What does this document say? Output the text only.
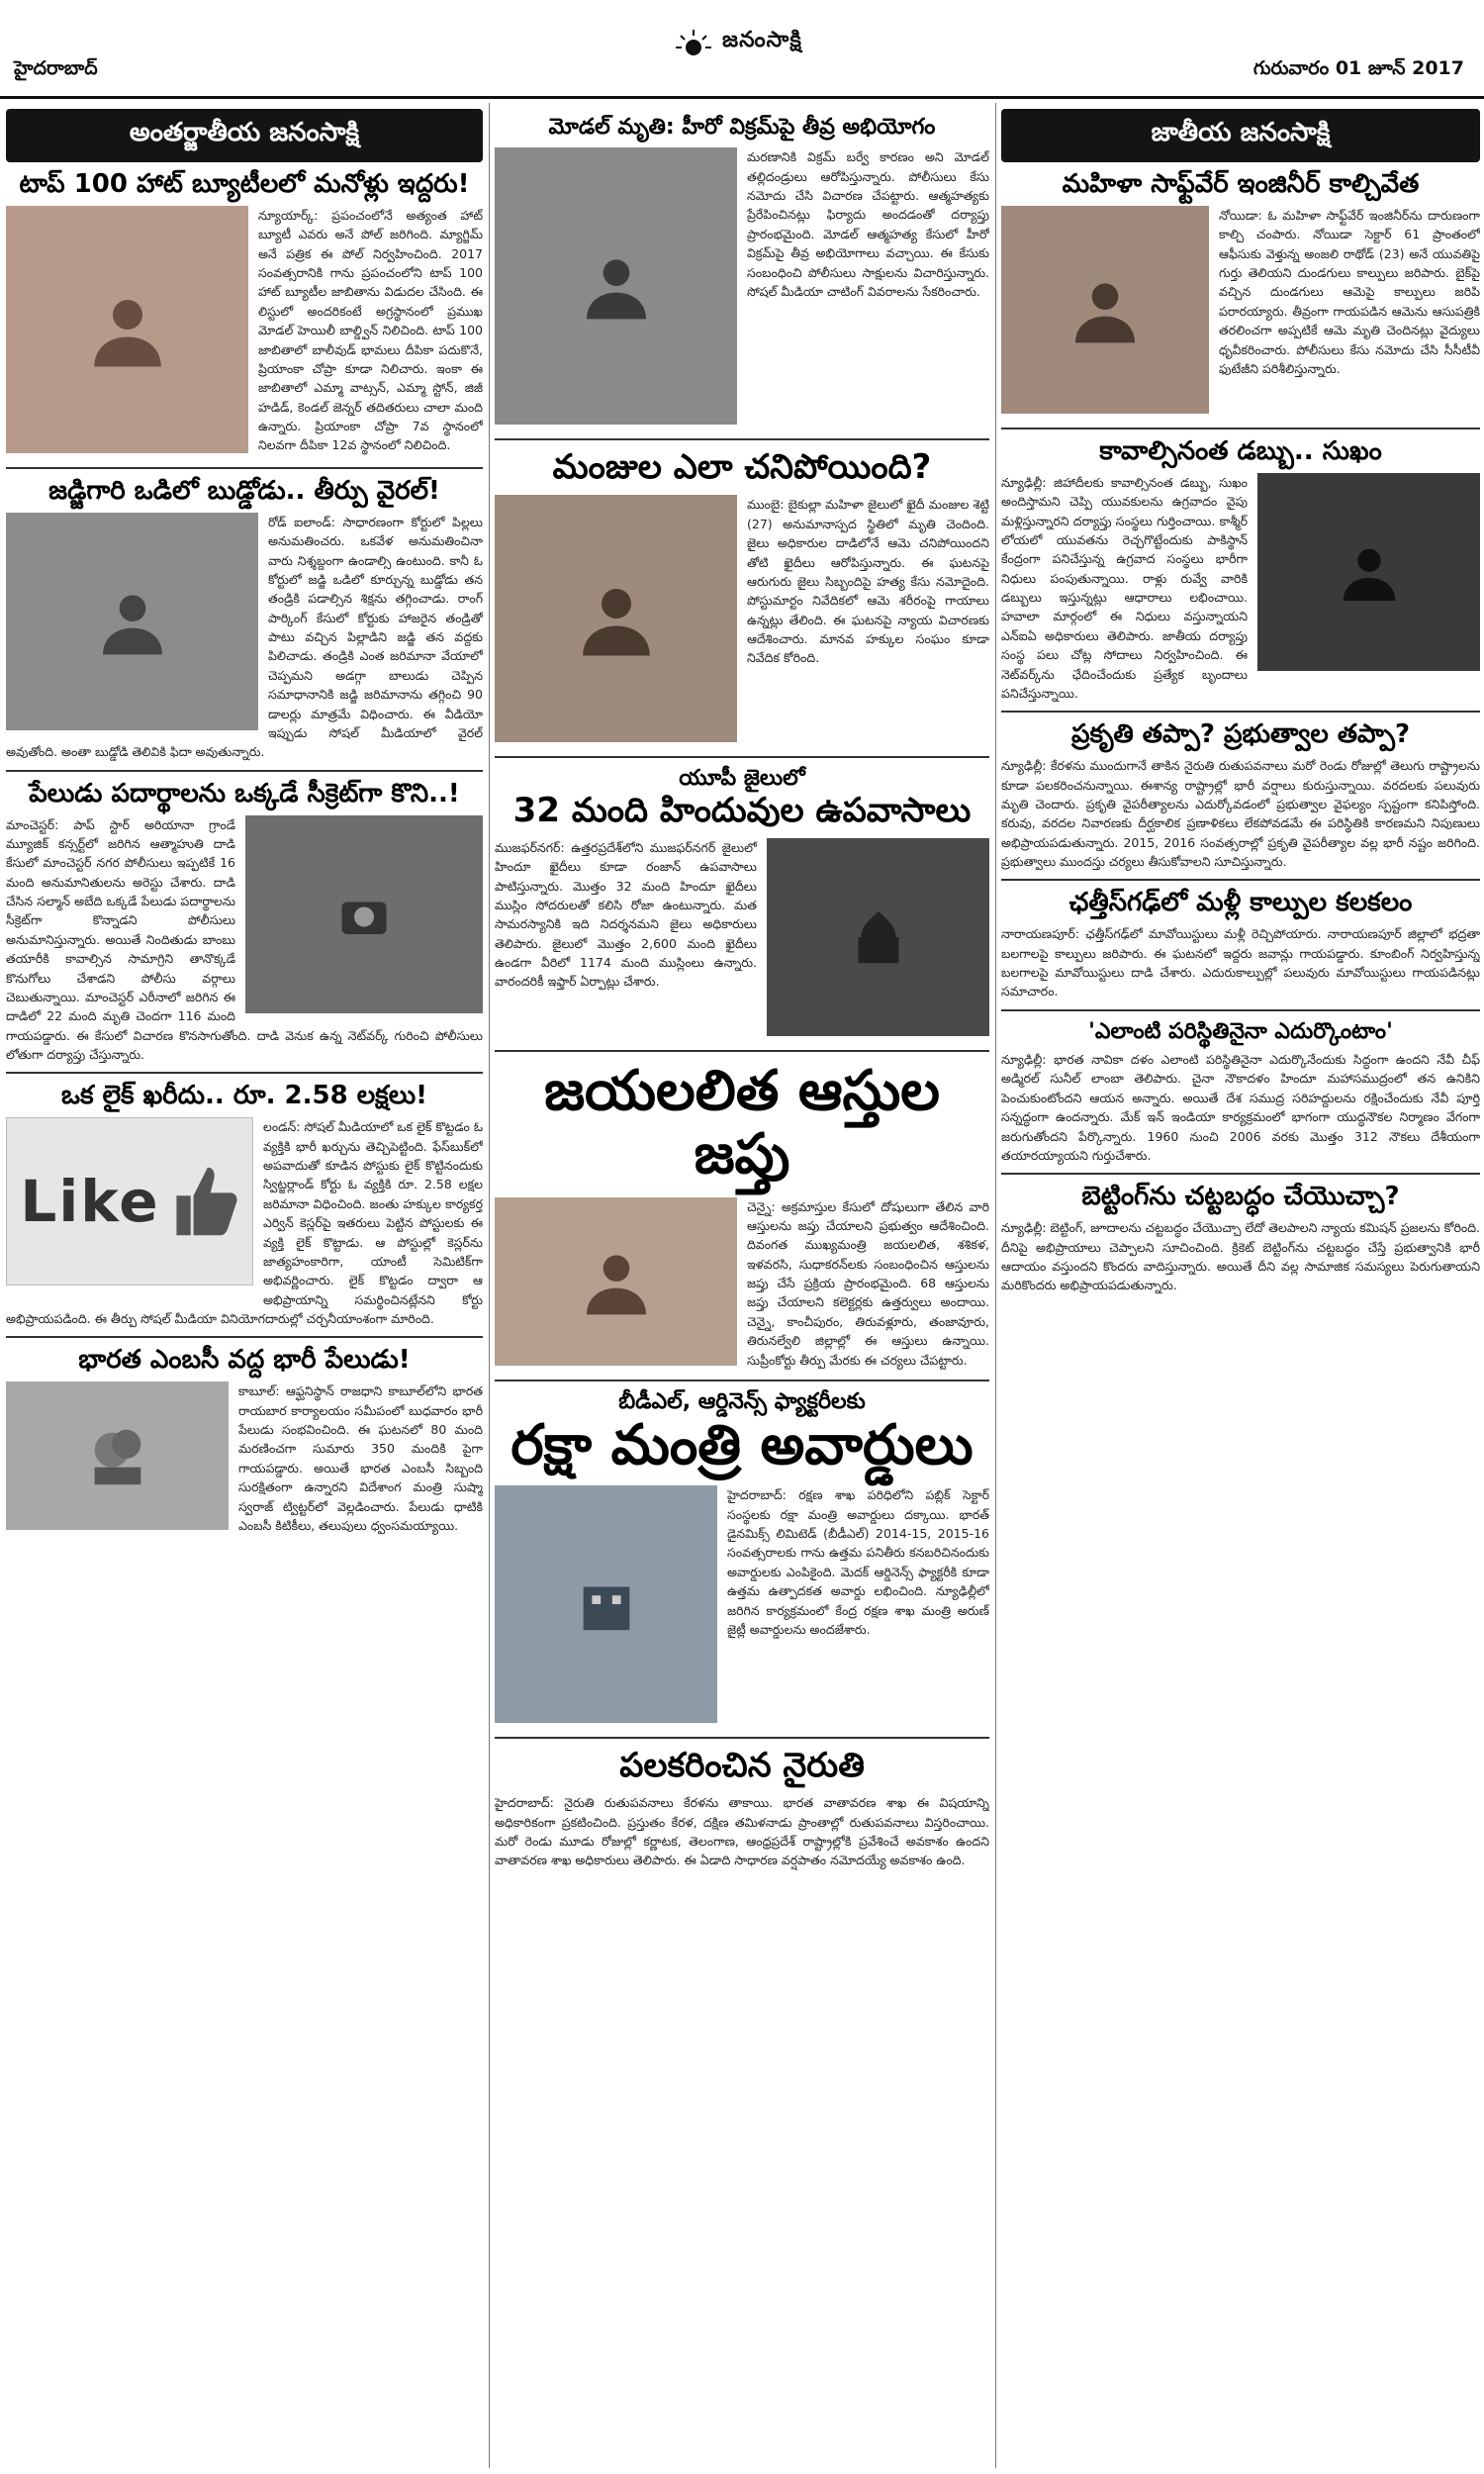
హైదరాబాద్
జనంసాక్షి
గురువారం 01 జూన్ 2017
అంతర్జాతీయ జనంసాక్షి
టాప్ 100 హాట్ బ్యూటీలలో మనోళ్లు ఇద్దరు!
న్యూయార్క్: ప్రపంచంలోనే అత్యంత హాట్ బ్యూటీ ఎవరు అనే పోల్ జరిగింది. మ్యాగ్జిమ్ అనే పత్రిక ఈ పోల్ నిర్వహించింది. 2017 సంవత్సరానికి గాను ప్రపంచంలోని టాప్ 100 హాట్ బ్యూటీల జాబితాను విడుదల చేసింది. ఈ లిస్టులో అందరికంటే అగ్రస్థానంలో ప్రముఖ మోడల్ హెయిలీ బాల్డ్విన్ నిలిచింది. టాప్ 100 జాబితాలో బాలీవుడ్ భామలు దీపికా పదుకొనే, ప్రియాంకా చోప్రా కూడా నిలిచారు. ఇంకా ఈ జాబితాలో ఎమ్మా వాట్సన్, ఎమ్మా స్టోన్, జిజీ హడిడ్, కెండల్ జెన్నర్ తదితరులు చాలా మంది ఉన్నారు. ప్రియాంకా చోప్రా 7వ స్థానంలో నిలవగా దీపికా 12వ స్థానంలో నిలిచింది.
జడ్జిగారి ఒడిలో బుడ్డోడు.. తీర్పు వైరల్!
రోడ్ ఐలాండ్: సాధారణంగా కోర్టులో పిల్లలు అనుమతించరు. ఒకవేళ అనుమతించినా వారు నిశ్శబ్దంగా ఉండాల్సి ఉంటుంది. కానీ ఓ కోర్టులో జడ్జి ఒడిలో కూర్చున్న బుడ్డోడు తన తండ్రికి పడాల్సిన శిక్షను తగ్గించాడు. రాంగ్ పార్కింగ్ కేసులో కోర్టుకు హాజరైన తండ్రితో పాటు వచ్చిన పిల్లాడిని జడ్జి తన వద్దకు పిలిచాడు. తండ్రికి ఎంత జరిమానా వేయాలో చెప్పమని అడగ్గా బాలుడు చెప్పిన సమాధానానికి జడ్జి జరిమానాను తగ్గించి 90 డాలర్లు మాత్రమే విధించారు. ఈ వీడియో ఇప్పుడు సోషల్ మీడియాలో వైరల్ అవుతోంది. అంతా బుడ్డోడి తెలివికి ఫిదా అవుతున్నారు.
పేలుడు పదార్థాలను ఒక్కడే సీక్రెట్‌గా కొని..!
మాంచెస్టర్: పాప్ స్టార్ అరియానా గ్రాండే మ్యూజిక్ కన్సర్ట్‌లో జరిగిన ఆత్మాహుతి దాడి కేసులో మాంచెస్టర్ నగర పోలీసులు ఇప్పటికే 16 మంది అనుమానితులను అరెస్టు చేశారు. దాడి చేసిన సల్మాన్ అబేది ఒక్కడే పేలుడు పదార్థాలను సీక్రెట్‌గా కొన్నాడని పోలీసులు అనుమానిస్తున్నారు. అయితే నిందితుడు బాంబు తయారీకి కావాల్సిన సామాగ్రిని తానొక్కడే కొనుగోలు చేశాడని పోలీసు వర్గాలు చెబుతున్నాయి. మాంచెస్టర్ ఎరీనాలో జరిగిన ఈ దాడిలో 22 మంది మృతి చెందగా 116 మంది గాయపడ్డారు. ఈ కేసులో విచారణ కొనసాగుతోంది. దాడి వెనుక ఉన్న నెట్‌వర్క్ గురించి పోలీసులు లోతుగా దర్యాప్తు చేస్తున్నారు.
ఒక లైక్ ఖరీదు.. రూ. 2.58 లక్షలు!
Like
లండన్: సోషల్ మీడియాలో ఒక లైక్ కొట్టడం ఓ వ్యక్తికి భారీ ఖర్చును తెచ్చిపెట్టింది. ఫేస్‌బుక్‌లో అపవాదుతో కూడిన పోస్టుకు లైక్ కొట్టినందుకు స్విట్జర్లాండ్ కోర్టు ఓ వ్యక్తికి రూ. 2.58 లక్షల జరిమానా విధించింది. జంతు హక్కుల కార్యకర్త ఎర్విన్ కెస్లర్‌పై ఇతరులు పెట్టిన పోస్టులకు ఈ వ్యక్తి లైక్ కొట్టాడు. ఆ పోస్టుల్లో కెస్లర్‌ను జాత్యహంకారిగా, యాంటీ సెమిటిక్‌గా అభివర్ణించారు. లైక్ కొట్టడం ద్వారా ఆ అభిప్రాయాన్ని సమర్థించినట్లేనని కోర్టు అభిప్రాయపడింది. ఈ తీర్పు సోషల్ మీడియా వినియోగదారుల్లో చర్చనీయాంశంగా మారింది.
భారత ఎంబసీ వద్ద భారీ పేలుడు!
కాబూల్: ఆఫ్ఘనిస్థాన్ రాజధాని కాబూల్‌లోని భారత రాయబార కార్యాలయం సమీపంలో బుధవారం భారీ పేలుడు సంభవించింది. ఈ ఘటనలో 80 మంది మరణించగా సుమారు 350 మందికి పైగా గాయపడ్డారు. అయితే భారత ఎంబసీ సిబ్బంది సురక్షితంగా ఉన్నారని విదేశాంగ మంత్రి సుష్మా స్వరాజ్ ట్విట్టర్‌లో వెల్లడించారు. పేలుడు ధాటికి ఎంబసీ కిటికీలు, తలుపులు ధ్వంసమయ్యాయి.
మోడల్ మృతి: హీరో విక్రమ్‌పై తీవ్ర అభియోగం
మరణానికి విక్రమ్ బర్వే కారణం అని మోడల్ తల్లిదండ్రులు ఆరోపిస్తున్నారు. పోలీసులు కేసు నమోదు చేసి విచారణ చేపట్టారు. ఆత్మహత్యకు ప్రేరేపించినట్లు ఫిర్యాదు అందడంతో దర్యాప్తు ప్రారంభమైంది. మోడల్ ఆత్మహత్య కేసులో హీరో విక్రమ్‌పై తీవ్ర అభియోగాలు వచ్చాయి. ఈ కేసుకు సంబంధించి పోలీసులు సాక్షులను విచారిస్తున్నారు. సోషల్ మీడియా చాటింగ్ వివరాలను సేకరించారు.
మంజుల ఎలా చనిపోయింది?
ముంబై: బైకుల్లా మహిళా జైలులో ఖైదీ మంజుల శెట్టి (27) అనుమానాస్పద స్థితిలో మృతి చెందింది. జైలు అధికారుల దాడిలోనే ఆమె చనిపోయిందని తోటి ఖైదీలు ఆరోపిస్తున్నారు. ఈ ఘటనపై ఆరుగురు జైలు సిబ్బందిపై హత్య కేసు నమోదైంది. పోస్టుమార్టం నివేదికలో ఆమె శరీరంపై గాయాలు ఉన్నట్లు తేలింది. ఈ ఘటనపై న్యాయ విచారణకు ఆదేశించారు. మానవ హక్కుల సంఘం కూడా నివేదిక కోరింది.
యూపీ జైలులో
32 మంది హిందువుల ఉపవాసాలు
ముజఫర్‌నగర్: ఉత్తరప్రదేశ్‌లోని ముజఫర్‌నగర్ జైలులో హిందూ ఖైదీలు కూడా రంజాన్ ఉపవాసాలు పాటిస్తున్నారు. మొత్తం 32 మంది హిందూ ఖైదీలు ముస్లిం సోదరులతో కలిసి రోజా ఉంటున్నారు. మత సామరస్యానికి ఇది నిదర్శనమని జైలు అధికారులు తెలిపారు. జైలులో మొత్తం 2,600 మంది ఖైదీలు ఉండగా వీరిలో 1174 మంది ముస్లింలు ఉన్నారు. వారందరికీ ఇఫ్తార్ ఏర్పాట్లు చేశారు.
జయలలిత ఆస్తుల జప్తు
చెన్నై: అక్రమాస్తుల కేసులో దోషులుగా తేలిన వారి ఆస్తులను జప్తు చేయాలని ప్రభుత్వం ఆదేశించింది. దివంగత ముఖ్యమంత్రి జయలలిత, శశికళ, ఇళవరసి, సుధాకరన్‌లకు సంబంధించిన ఆస్తులను జప్తు చేసే ప్రక్రియ ప్రారంభమైంది. 68 ఆస్తులను జప్తు చేయాలని కలెక్టర్లకు ఉత్తర్వులు అందాయి. చెన్నై, కాంచీపురం, తిరువళ్లూరు, తంజావూరు, తిరునల్వేలి జిల్లాల్లో ఈ ఆస్తులు ఉన్నాయి. సుప్రీంకోర్టు తీర్పు మేరకు ఈ చర్యలు చేపట్టారు.
బీడీఎల్, ఆర్డినెన్స్ ఫ్యాక్టరీలకు
రక్షా మంత్రి అవార్డులు
హైదరాబాద్: రక్షణ శాఖ పరిధిలోని పబ్లిక్ సెక్టార్ సంస్థలకు రక్షా మంత్రి అవార్డులు దక్కాయి. భారత్ డైనమిక్స్ లిమిటెడ్ (బీడీఎల్) 2014-15, 2015-16 సంవత్సరాలకు గాను ఉత్తమ పనితీరు కనబరిచినందుకు అవార్డులకు ఎంపికైంది. మెదక్ ఆర్డినెన్స్ ఫ్యాక్టరీకి కూడా ఉత్తమ ఉత్పాదకత అవార్డు లభించింది. న్యూఢిల్లీలో జరిగిన కార్యక్రమంలో కేంద్ర రక్షణ శాఖ మంత్రి అరుణ్ జైట్లీ అవార్డులను అందజేశారు.
పలకరించిన నైరుతి
హైదరాబాద్: నైరుతి రుతుపవనాలు కేరళను తాకాయి. భారత వాతావరణ శాఖ ఈ విషయాన్ని అధికారికంగా ప్రకటించింది. ప్రస్తుతం కేరళ, దక్షిణ తమిళనాడు ప్రాంతాల్లో రుతుపవనాలు విస్తరించాయి. మరో రెండు మూడు రోజుల్లో కర్ణాటక, తెలంగాణ, ఆంధ్రప్రదేశ్ రాష్ట్రాల్లోకి ప్రవేశించే అవకాశం ఉందని వాతావరణ శాఖ అధికారులు తెలిపారు. ఈ ఏడాది సాధారణ వర్షపాతం నమోదయ్యే అవకాశం ఉంది.
జాతీయ జనంసాక్షి
మహిళా సాఫ్ట్‌వేర్ ఇంజినీర్ కాల్చివేత
నోయిడా: ఓ మహిళా సాఫ్ట్‌వేర్ ఇంజినీర్‌ను దారుణంగా కాల్చి చంపారు. నోయిడా సెక్టార్ 61 ప్రాంతంలో ఆఫీసుకు వెళ్తున్న అంజలి రాథోడ్ (23) అనే యువతిపై గుర్తు తెలియని దుండగులు కాల్పులు జరిపారు. బైక్‌పై వచ్చిన దుండగులు ఆమెపై కాల్పులు జరిపి పరారయ్యారు. తీవ్రంగా గాయపడిన ఆమెను ఆసుపత్రికి తరలించగా అప్పటికే ఆమె మృతి చెందినట్లు వైద్యులు ధృవీకరించారు. పోలీసులు కేసు నమోదు చేసి సీసీటీవీ ఫుటేజీని పరిశీలిస్తున్నారు.
కావాల్సినంత డబ్బు.. సుఖం
న్యూఢిల్లీ: జిహాదీలకు కావాల్సినంత డబ్బు, సుఖం అందిస్తామని చెప్పి యువకులను ఉగ్రవాదం వైపు మళ్లిస్తున్నారని దర్యాప్తు సంస్థలు గుర్తించాయి. కాశ్మీర్ లోయలో యువతను రెచ్చగొట్టేందుకు పాకిస్థాన్ కేంద్రంగా పనిచేస్తున్న ఉగ్రవాద సంస్థలు భారీగా నిధులు పంపుతున్నాయి. రాళ్లు రువ్వే వారికి డబ్బులు ఇస్తున్నట్లు ఆధారాలు లభించాయి. హవాలా మార్గంలో ఈ నిధులు వస్తున్నాయని ఎన్‌ఐఏ అధికారులు తెలిపారు. జాతీయ దర్యాప్తు సంస్థ పలు చోట్ల సోదాలు నిర్వహించింది. ఈ నెట్‌వర్క్‌ను ఛేదించేందుకు ప్రత్యేక బృందాలు పనిచేస్తున్నాయి.
ప్రకృతి తప్పా? ప్రభుత్వాల తప్పా?
న్యూఢిల్లీ: కేరళను ముందుగానే తాకిన నైరుతి రుతుపవనాలు మరో రెండు రోజుల్లో తెలుగు రాష్ట్రాలను కూడా పలకరించనున్నాయి. ఈశాన్య రాష్ట్రాల్లో భారీ వర్షాలు కురుస్తున్నాయి. వరదలకు పలువురు మృతి చెందారు. ప్రకృతి వైపరీత్యాలను ఎదుర్కోవడంలో ప్రభుత్వాల వైఫల్యం స్పష్టంగా కనిపిస్తోంది. కరువు, వరదల నివారణకు దీర్ఘకాలిక ప్రణాళికలు లేకపోవడమే ఈ పరిస్థితికి కారణమని నిపుణులు అభిప్రాయపడుతున్నారు. 2015, 2016 సంవత్సరాల్లో ప్రకృతి వైపరీత్యాల వల్ల భారీ నష్టం జరిగింది. ప్రభుత్వాలు ముందస్తు చర్యలు తీసుకోవాలని సూచిస్తున్నారు.
ఛత్తీస్‌గఢ్‌లో మళ్లీ కాల్పుల కలకలం
నారాయణపూర్: ఛత్తీస్‌గఢ్‌లో మావోయిస్టులు మళ్లీ రెచ్చిపోయారు. నారాయణపూర్ జిల్లాలో భద్రతా బలగాలపై కాల్పులు జరిపారు. ఈ ఘటనలో ఇద్దరు జవాన్లు గాయపడ్డారు. కూంబింగ్ నిర్వహిస్తున్న బలగాలపై మావోయిస్టులు దాడి చేశారు. ఎదురుకాల్పుల్లో పలువురు మావోయిస్టులు గాయపడినట్లు సమాచారం.
'ఎలాంటి పరిస్థితినైనా ఎదుర్కొంటాం'
న్యూఢిల్లీ: భారత నావికా దళం ఎలాంటి పరిస్థితినైనా ఎదుర్కొనేందుకు సిద్ధంగా ఉందని నేవీ చీఫ్ అడ్మిరల్ సునీల్ లాంబా తెలిపారు. చైనా నౌకాదళం హిందూ మహాసముద్రంలో తన ఉనికిని పెంచుకుంటోందని ఆయన అన్నారు. అయితే దేశ సముద్ర సరిహద్దులను రక్షించేందుకు నేవీ పూర్తి సన్నద్ధంగా ఉందన్నారు. మేక్ ఇన్ ఇండియా కార్యక్రమంలో భాగంగా యుద్ధనౌకల నిర్మాణం వేగంగా జరుగుతోందని పేర్కొన్నారు. 1960 నుంచి 2006 వరకు మొత్తం 312 నౌకలు దేశీయంగా తయారయ్యాయని గుర్తుచేశారు.
బెట్టింగ్‌ను చట్టబద్ధం చేయొచ్చా?
న్యూఢిల్లీ: బెట్టింగ్, జూదాలను చట్టబద్ధం చేయొచ్చా లేదో తెలపాలని న్యాయ కమిషన్ ప్రజలను కోరింది. దీనిపై అభిప్రాయాలు చెప్పాలని సూచించింది. క్రికెట్ బెట్టింగ్‌ను చట్టబద్ధం చేస్తే ప్రభుత్వానికి భారీ ఆదాయం వస్తుందని కొందరు వాదిస్తున్నారు. అయితే దీని వల్ల సామాజిక సమస్యలు పెరుగుతాయని మరికొందరు అభిప్రాయపడుతున్నారు.
